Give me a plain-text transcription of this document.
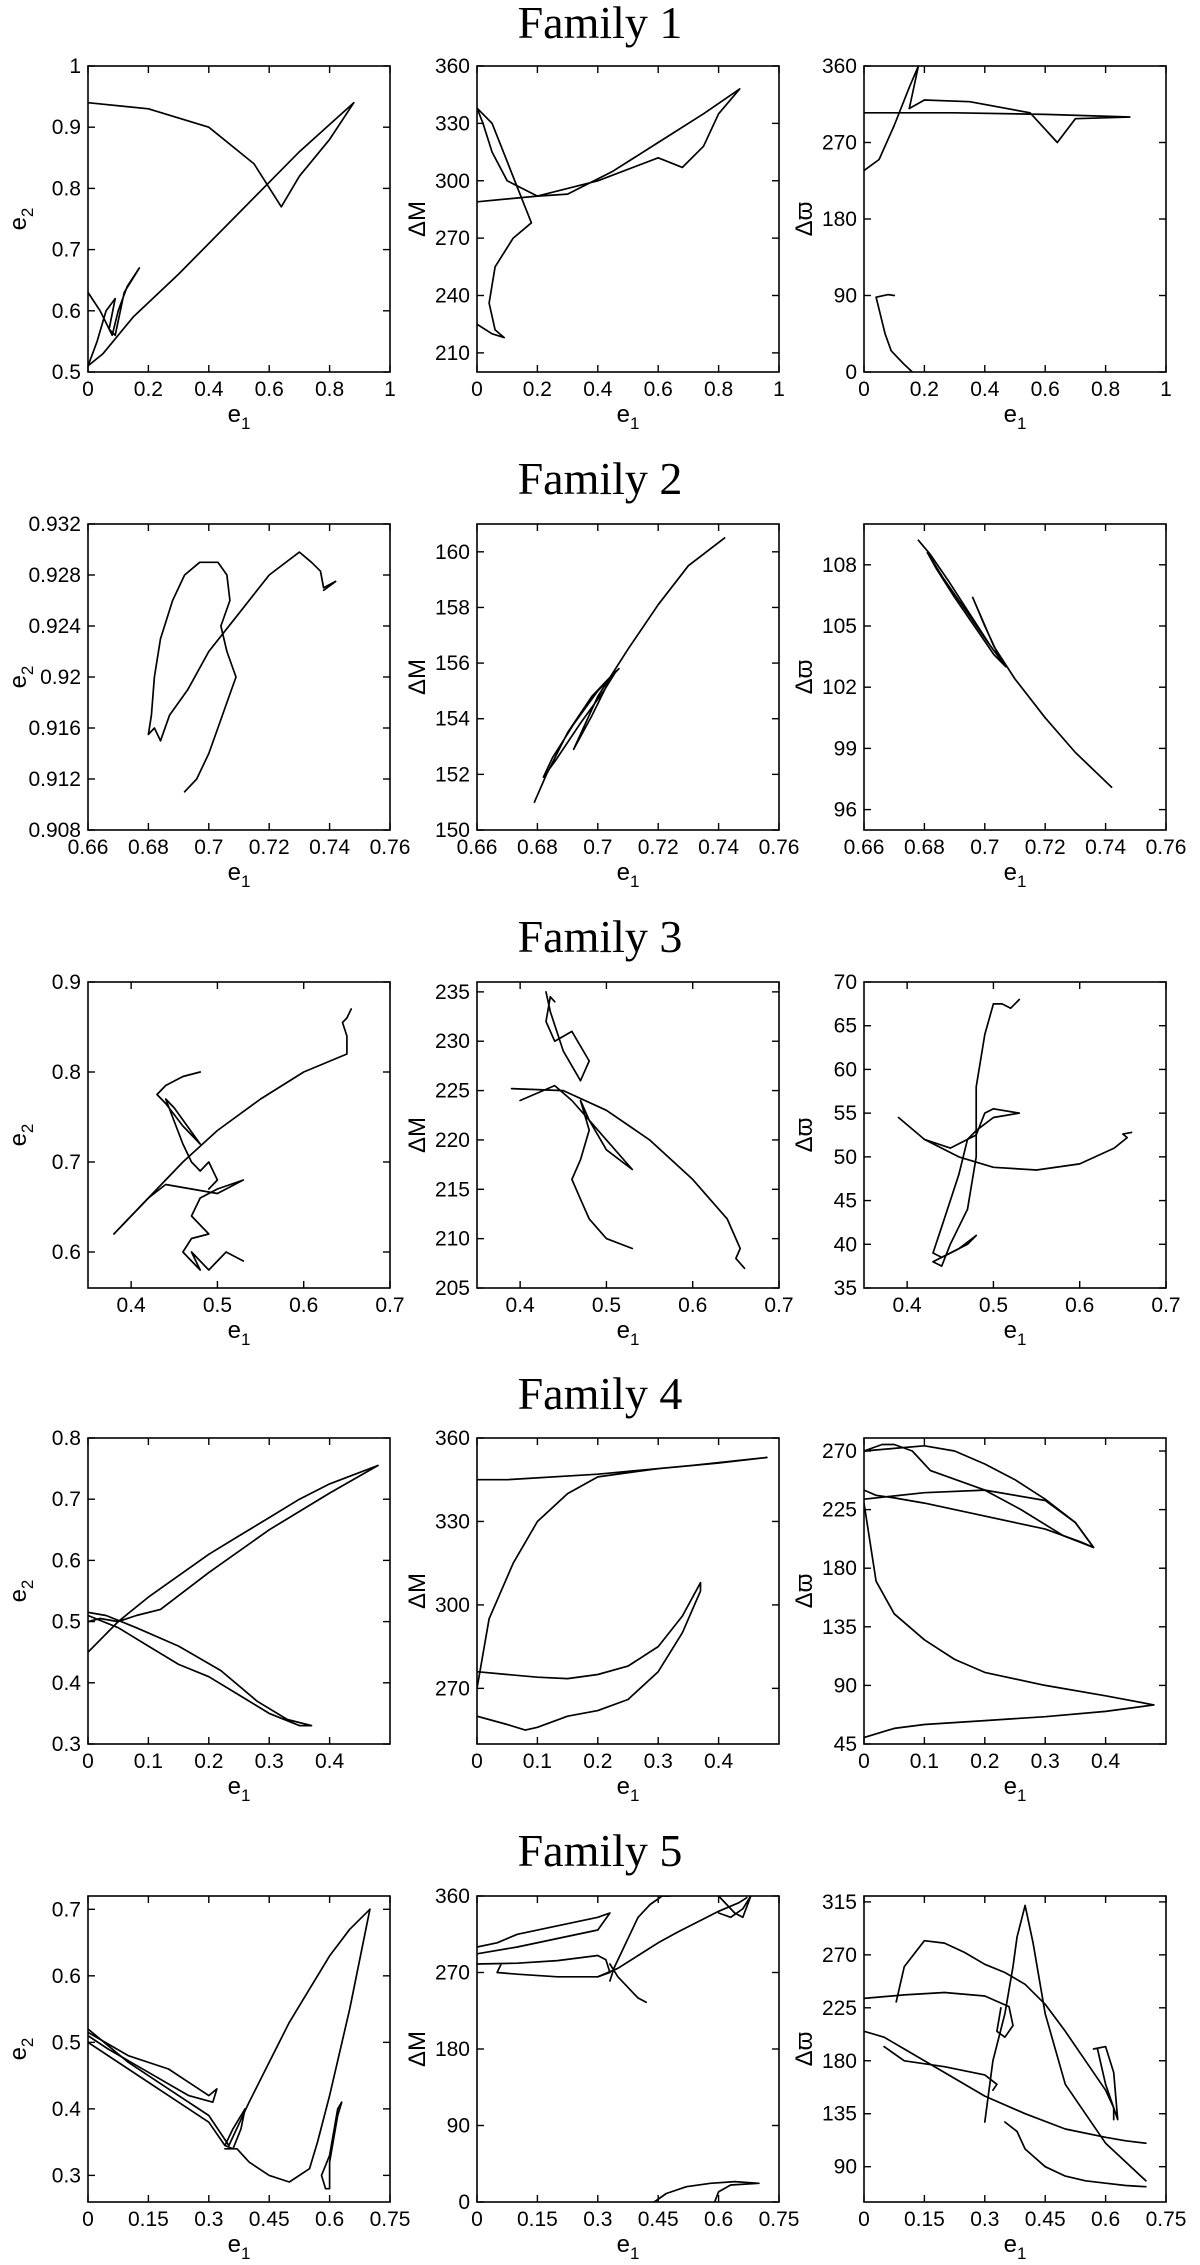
Family 1
Family 2
Family 3
Family 4
Family 5
0 0.2 0.4 0.6 0.8 1
0.5
0.6
0.7
0.8
0.9
1
$e_1$
$e_2$
0 0.2 0.4 0.6 0.8 1
210
240
270
300
330
360
$e_1$
ΔM
0 0.2 0.4 0.6 0.8 1
0
90
180
270
360
$e_1$
Δϖ
0.66 0.68 0.7 0.72 0.74 0.76
0.908
0.912
0.916
0.92
0.924
0.928
0.932
$e_1$
$e_2$
0.66 0.68 0.7 0.72 0.74 0.76
150
152
154
156
158
160
$e_1$
ΔM
0.66 0.68 0.7 0.72 0.74 0.76
96
99
102
105
108
$e_1$
Δϖ
0.4	0.5	0.6	0.7
0.6
0.7
0.8
0.9
$e_1$
$e_2$
0.4	0.5	0.6	0.7
205
210
215
220
225
230
235
$e_1$
ΔM
0.4	0.5	0.6	0.7
35
40
45
50
55
60
65
70
$e_1$
Δϖ
0 0.1 0.2 0.3 0.4
0.3
0.4
0.5
0.6
0.7
0.8
$e_1$
$e_2$
0 0.1 0.2 0.3 0.4
270
300
330
360
$e_1$
ΔM
0 0.1 0.2 0.3 0.4
45
90
135
180
225
270
$e_1$
Δϖ
0 0.15 0.3 0.45 0.6 0.75
0.3
0.4
0.5
0.6
0.7
$e_1$
$e_2$
0 0.15 0.3 0.45 0.6 0.75
0
90
180
270
360
$e_1$
ΔM
0 0.15 0.3 0.45 0.6 0.75
90
135
180
225
270
315
$e_1$
Δϖ
